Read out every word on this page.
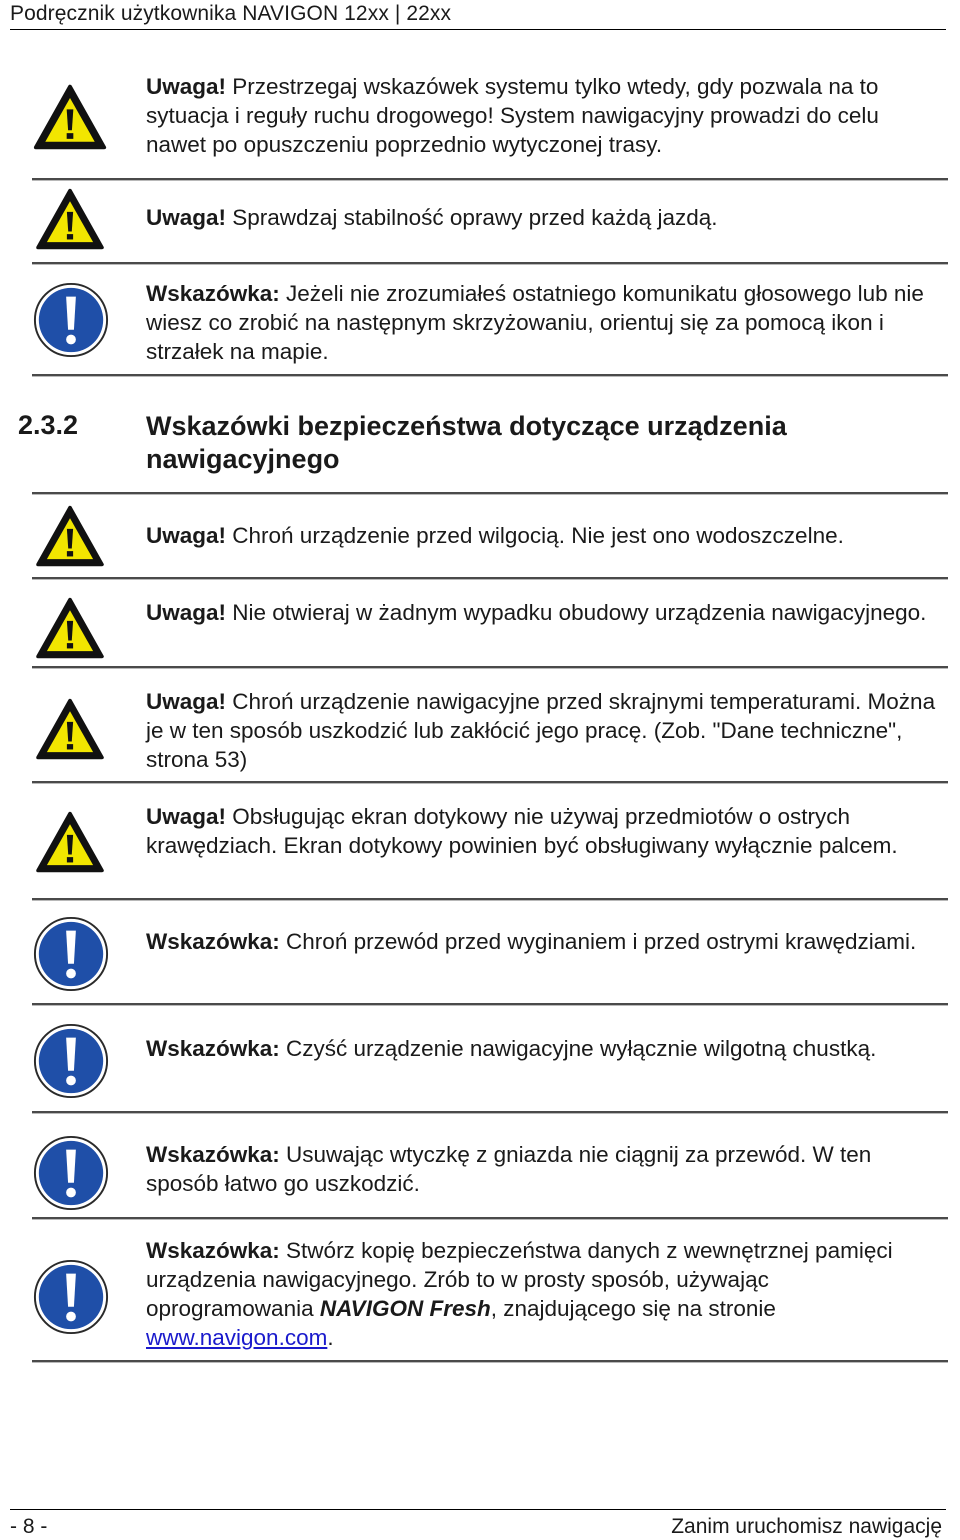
Podręcznik użytkownika NAVIGON 12xx | 22xx
Uwaga! Przestrzegaj wskazówek systemu tylko wtedy, gdy pozwala na to sytuacja i reguły ruchu drogowego! System nawigacyjny prowadzi do celu nawet po opuszczeniu poprzednio wytyczonej trasy.
Uwaga! Sprawdzaj stabilność oprawy przed każdą jazdą.
Wskazówka: Jeżeli nie zrozumiałeś ostatniego komunikatu głosowego lub nie wiesz co zrobić na następnym skrzyżowaniu, orientuj się za pomocą ikon i strzałek na mapie.
2.3.2	Wskazówki bezpieczeństwa dotyczące urządzenia nawigacyjnego
Uwaga! Chroń urządzenie przed wilgocią. Nie jest ono wodoszczelne.
Uwaga! Nie otwieraj w żadnym wypadku obudowy urządzenia nawigacyjnego.
Uwaga! Chroń urządzenie nawigacyjne przed skrajnymi temperaturami. Można je w ten sposób uszkodzić lub zakłócić jego pracę. (Zob. "Dane techniczne", strona 53)
Uwaga! Obsługując ekran dotykowy nie używaj przedmiotów o ostrych krawędziach. Ekran dotykowy powinien być obsługiwany wyłącznie palcem.
Wskazówka: Chroń przewód przed wyginaniem i przed ostrymi krawędziami.
Wskazówka: Czyść urządzenie nawigacyjne wyłącznie wilgotną chustką.
Wskazówka: Usuwając wtyczkę z gniazda nie ciągnij za przewód. W ten sposób łatwo go uszkodzić.
Wskazówka: Stwórz kopię bezpieczeństwa danych z wewnętrznej pamięci urządzenia nawigacyjnego. Zrób to w prosty sposób, używając oprogramowania NAVIGON Fresh, znajdującego się na stronie www.navigon.com.
- 8 -	Zanim uruchomisz nawigację
